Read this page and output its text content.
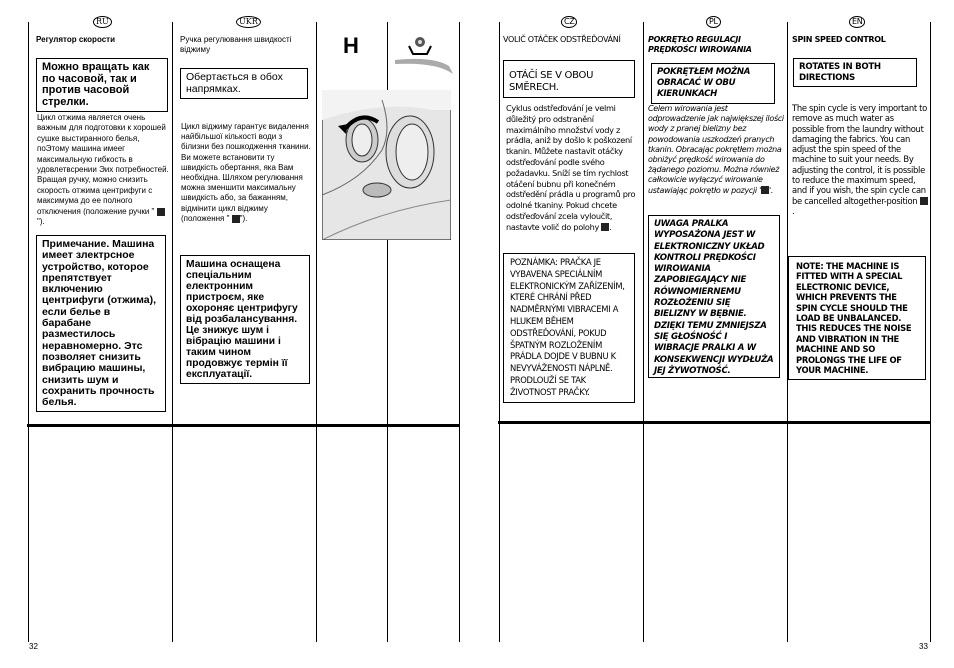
RU
Регулятор скорости
Можно вращать как по часовой, так и против часовой стрелки.
Цикл отжима является очень важным для подготовки к хорошей сушке выстиранного белья, поЭтому машина имеег максимальную гибкость в удовлетвсрении Эих потребностей. Вращая ручку, можно снизить скорость отжима центрифуги с максимума до ее полного отключения (положение ручки " ").
Примечание. Машина имеет злектрсное устройство, которое препятствует включению центрифуги (отжима), если белье в барабане разместилось неравномерно. Этс позволяет снизить вибрацию машины, снизить шум и сохранить прочность белья.
UKR
Ручка регулювання швидкості віджиму
Обертається в обох напрямках.
Цикл віджиму гарантує видалення найбільшої кількості води з білизни без пошкодження тканини. Ви можете встановити ту швидкість обертання, яка Вам необхідна. Шляхом регулювання можна зменшити максимальну швидкість або, за бажанням, відмінити цикл віджиму (положення " ").
Машина оснащена спеціальним електронним пристроєм, яке охороняє центрифугу від розбалансування. Це знижує шум і вібрацію машини і таким чином продовжує термін її експлуатації.
H
CZ
VOLIČ OTÁČEK ODSTŘEĎOVÁNÍ
OTÁČÍ SE V OBOU SMĚRECH.
Cyklus odstřeďování je velmi důležitý pro odstranění maximálního množství vody z prádla, aniž by došlo k poškození tkanin. Můžete nastavit otáčky odstřeďování podle svého požadavku. Sníží se tím rychlost otáčení bubnu při konečném odstředění prádla u programů pro odolné tkaniny. Pokud chcete odstřeďování zcela vyloučit, nastavte volič do polohy .
POZNÁMKA: PRAČKA JE VYBAVENA SPECIÁLNÍM ELEKTRONICKÝM ZAŘÍZENÍM, KTERÉ CHRÁNÍ PŘED NADMĚRNÝMI VIBRACEMI A HLUKEM BĚHEM ODSTŘEĎOVÁNÍ, POKUD ŠPATNÝM ROZLOŽENÍM PRÁDLA DOJDE V BUBNU K NEVYVÁŽENOSTI NÁPLNĚ. PRODLOUŽÍ SE TAK ŽIVOTNOST PRAČKY.
PL
POKRĘTŁO REGULACJI PRĘDKOŚCI WIROWANIA
POKRĘTŁEM MOŻNA OBRACAĆ W OBU KIERUNKACH
Celem wirowania jest odprowadzenie jak największej ilości wody z pranej bielizny bez powodowania uszkodzeń pranych tkanin. Obracając pokrętłem można obniżyć prędkość wirowania do żądanego poziomu. Można również całkowicie wyłączyć wirowanie ustawiając pokrętło w pozycji ' '.
UWAGA PRALKA WYPOSAŻONA JEST W ELEKTRONICZNY UKŁAD KONTROLI PRĘDKOŚCI WIROWANIA ZAPOBIEGAJĄCY NIE RÓWNOMIERNEMU ROZŁOŻENIU SIĘ BIELIZNY W BĘBNIE. DZIĘKI TEMU ZMNIEJSZA SIĘ GŁOŚNOŚĆ I WIBRACJE PRALKI A W KONSEKWENCJI WYDŁUŻA JEJ ŻYWOTNOŚĆ.
EN
SPIN SPEED CONTROL
ROTATES IN BOTH DIRECTIONS
The spin cycle is very important to remove as much water as possible from the laundry without damaging the fabrics. You can adjust the spin speed of the machine to suit your needs. By adjusting the control, it is possible to reduce the maximum speed, and if you wish, the spin cycle can be cancelled altogether-position .
NOTE: THE MACHINE IS FITTED WITH A SPECIAL ELECTRONIC DEVICE, WHICH PREVENTS THE SPIN CYCLE SHOULD THE LOAD BE UNBALANCED. THIS REDUCES THE NOISE AND VIBRATION IN THE MACHINE AND SO PROLONGS THE LIFE OF YOUR MACHINE.
32	33
